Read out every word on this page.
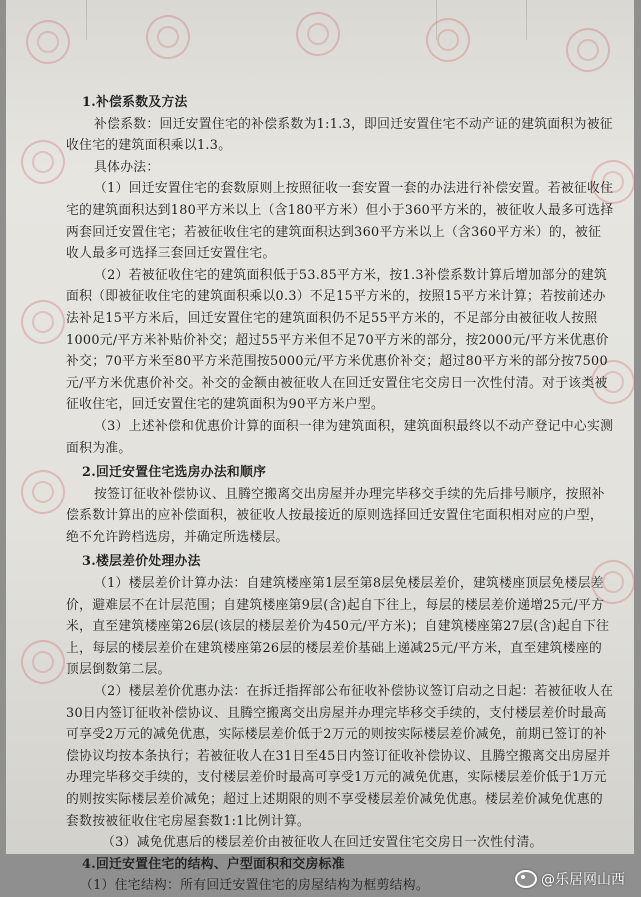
1.补偿系数及方法
补偿系数：回迁安置住宅的补偿系数为1:1.3，即回迁安置住宅不动产证的建筑面积为被征收住宅的建筑面积乘以1.3。
具体办法：
（1）回迁安置住宅的套数原则上按照征收一套安置一套的办法进行补偿安置。若被征收住宅的建筑面积达到180平方米以上（含180平方米）但小于360平方米的，被征收人最多可选择两套回迁安置住宅；若被征收住宅的建筑面积达到360平方米以上（含360平方米）的，被征收人最多可选择三套回迁安置住宅。
（2）若被征收住宅的建筑面积低于53.85平方米，按1.3补偿系数计算后增加部分的建筑面积（即被征收住宅的建筑面积乘以0.3）不足15平方米的，按照15平方米计算；若按前述办法补足15平方米后，回迁安置住宅的建筑面积仍不足55平方米的，不足部分由被征收人按照1000元/平方米补贴价补交；超过55平方米但不足70平方米的部分，按2000元/平方米优惠价补交；70平方米至80平方米范围按5000元/平方米优惠价补交；超过80平方米的部分按7500元/平方米优惠价补交。补交的金额由被征收人在回迁安置住宅交房日一次性付清。对于该类被征收住宅，回迁安置住宅的建筑面积为90平方米户型。
（3）上述补偿和优惠价计算的面积一律为建筑面积，建筑面积最终以不动产登记中心实测面积为准。
2.回迁安置住宅选房办法和顺序
按签订征收补偿协议、且腾空搬离交出房屋并办理完毕移交手续的先后排号顺序，按照补偿系数计算出的应补偿面积，被征收人按最接近的原则选择回迁安置住宅面积相对应的户型，绝不允许跨档选房，并确定所选楼层。
3.楼层差价处理办法
（1）楼层差价计算办法：自建筑楼座第1层至第8层免楼层差价，建筑楼座顶层免楼层差价，避难层不在计层范围；自建筑楼座第9层(含)起自下往上，每层的楼层差价递增25元/平方米，直至建筑楼座第26层(该层的楼层差价为450元/平方米)；自建筑楼座第27层(含)起自下往上，每层的楼层差价在建筑楼座第26层的楼层差价基础上递减25元/平方米，直至建筑楼座的顶层倒数第二层。
（2）楼层差价优惠办法：在拆迁指挥部公布征收补偿协议签订启动之日起：若被征收人在30日内签订征收补偿协议、且腾空搬离交出房屋并办理完毕移交手续的，支付楼层差价时最高可享受2万元的减免优惠，实际楼层差价低于2万元的则按实际楼层差价减免，前期已签订的补偿协议均按本条执行；若被征收人在31日至45日内签订征收补偿协议、且腾空搬离交出房屋并办理完毕移交手续的，支付楼层差价时最高可享受1万元的减免优惠，实际楼层差价低于1万元的则按实际楼层差价减免；超过上述期限的则不享受楼层差价减免优惠。楼层差价减免优惠的套数按被征收住宅房屋套数1:1比例计算。
（3）减免优惠后的楼层差价由被征收人在回迁安置住宅交房日一次性付清。
4.回迁安置住宅的结构、户型面积和交房标准
（1）住宅结构：所有回迁安置住宅的房屋结构为框剪结构。	@乐居网山西
